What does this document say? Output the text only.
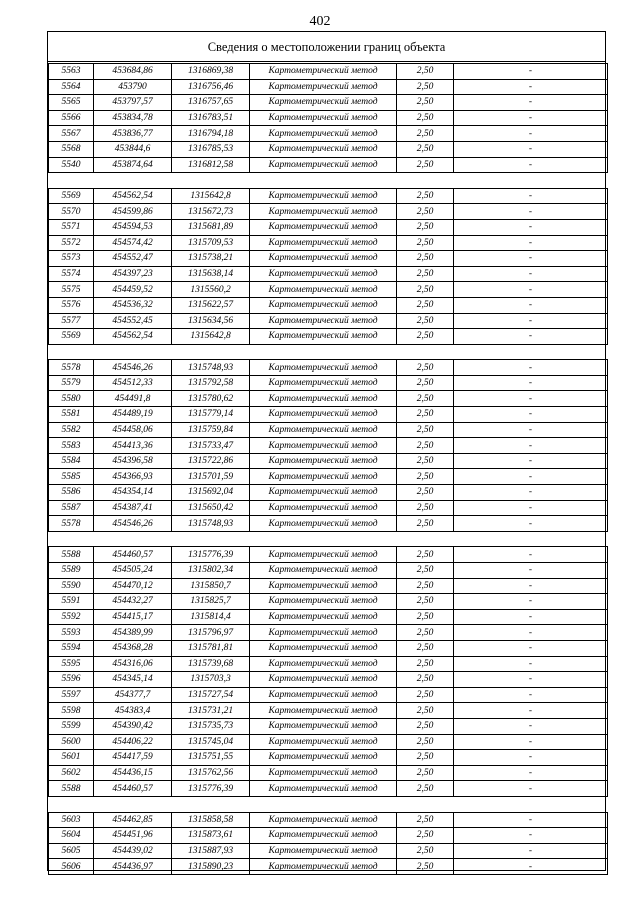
402
Сведения о местоположении границ объекта
5563	453684,86	1316869,38	Картометрический метод	2,50	-
5564	453790	1316756,46	Картометрический метод	2,50	-
5565	453797,57	1316757,65	Картометрический метод	2,50	-
5566	453834,78	1316783,51	Картометрический метод	2,50	-
5567	453836,77	1316794,18	Картометрический метод	2,50	-
5568	453844,6	1316785,53	Картометрический метод	2,50	-
5540	453874,64	1316812,58	Картометрический метод	2,50	-

5569	454562,54	1315642,8	Картометрический метод	2,50	-
5570	454599,86	1315672,73	Картометрический метод	2,50	-
5571	454594,53	1315681,89	Картометрический метод	2,50	-
5572	454574,42	1315709,53	Картометрический метод	2,50	-
5573	454552,47	1315738,21	Картометрический метод	2,50	-
5574	454397,23	1315638,14	Картометрический метод	2,50	-
5575	454459,52	1315560,2	Картометрический метод	2,50	-
5576	454536,32	1315622,57	Картометрический метод	2,50	-
5577	454552,45	1315634,56	Картометрический метод	2,50	-
5569	454562,54	1315642,8	Картометрический метод	2,50	-

5578	454546,26	1315748,93	Картометрический метод	2,50	-
5579	454512,33	1315792,58	Картометрический метод	2,50	-
5580	454491,8	1315780,62	Картометрический метод	2,50	-
5581	454489,19	1315779,14	Картометрический метод	2,50	-
5582	454458,06	1315759,84	Картометрический метод	2,50	-
5583	454413,36	1315733,47	Картометрический метод	2,50	-
5584	454396,58	1315722,86	Картометрический метод	2,50	-
5585	454366,93	1315701,59	Картометрический метод	2,50	-
5586	454354,14	1315692,04	Картометрический метод	2,50	-
5587	454387,41	1315650,42	Картометрический метод	2,50	-
5578	454546,26	1315748,93	Картометрический метод	2,50	-

5588	454460,57	1315776,39	Картометрический метод	2,50	-
5589	454505,24	1315802,34	Картометрический метод	2,50	-
5590	454470,12	1315850,7	Картометрический метод	2,50	-
5591	454432,27	1315825,7	Картометрический метод	2,50	-
5592	454415,17	1315814,4	Картометрический метод	2,50	-
5593	454389,99	1315796,97	Картометрический метод	2,50	-
5594	454368,28	1315781,81	Картометрический метод	2,50	-
5595	454316,06	1315739,68	Картометрический метод	2,50	-
5596	454345,14	1315703,3	Картометрический метод	2,50	-
5597	454377,7	1315727,54	Картометрический метод	2,50	-
5598	454383,4	1315731,21	Картометрический метод	2,50	-
5599	454390,42	1315735,73	Картометрический метод	2,50	-
5600	454406,22	1315745,04	Картометрический метод	2,50	-
5601	454417,59	1315751,55	Картометрический метод	2,50	-
5602	454436,15	1315762,56	Картометрический метод	2,50	-
5588	454460,57	1315776,39	Картометрический метод	2,50	-

5603	454462,85	1315858,58	Картометрический метод	2,50	-
5604	454451,96	1315873,61	Картометрический метод	2,50	-
5605	454439,02	1315887,93	Картометрический метод	2,50	-
5606	454436,97	1315890,23	Картометрический метод	2,50	-
